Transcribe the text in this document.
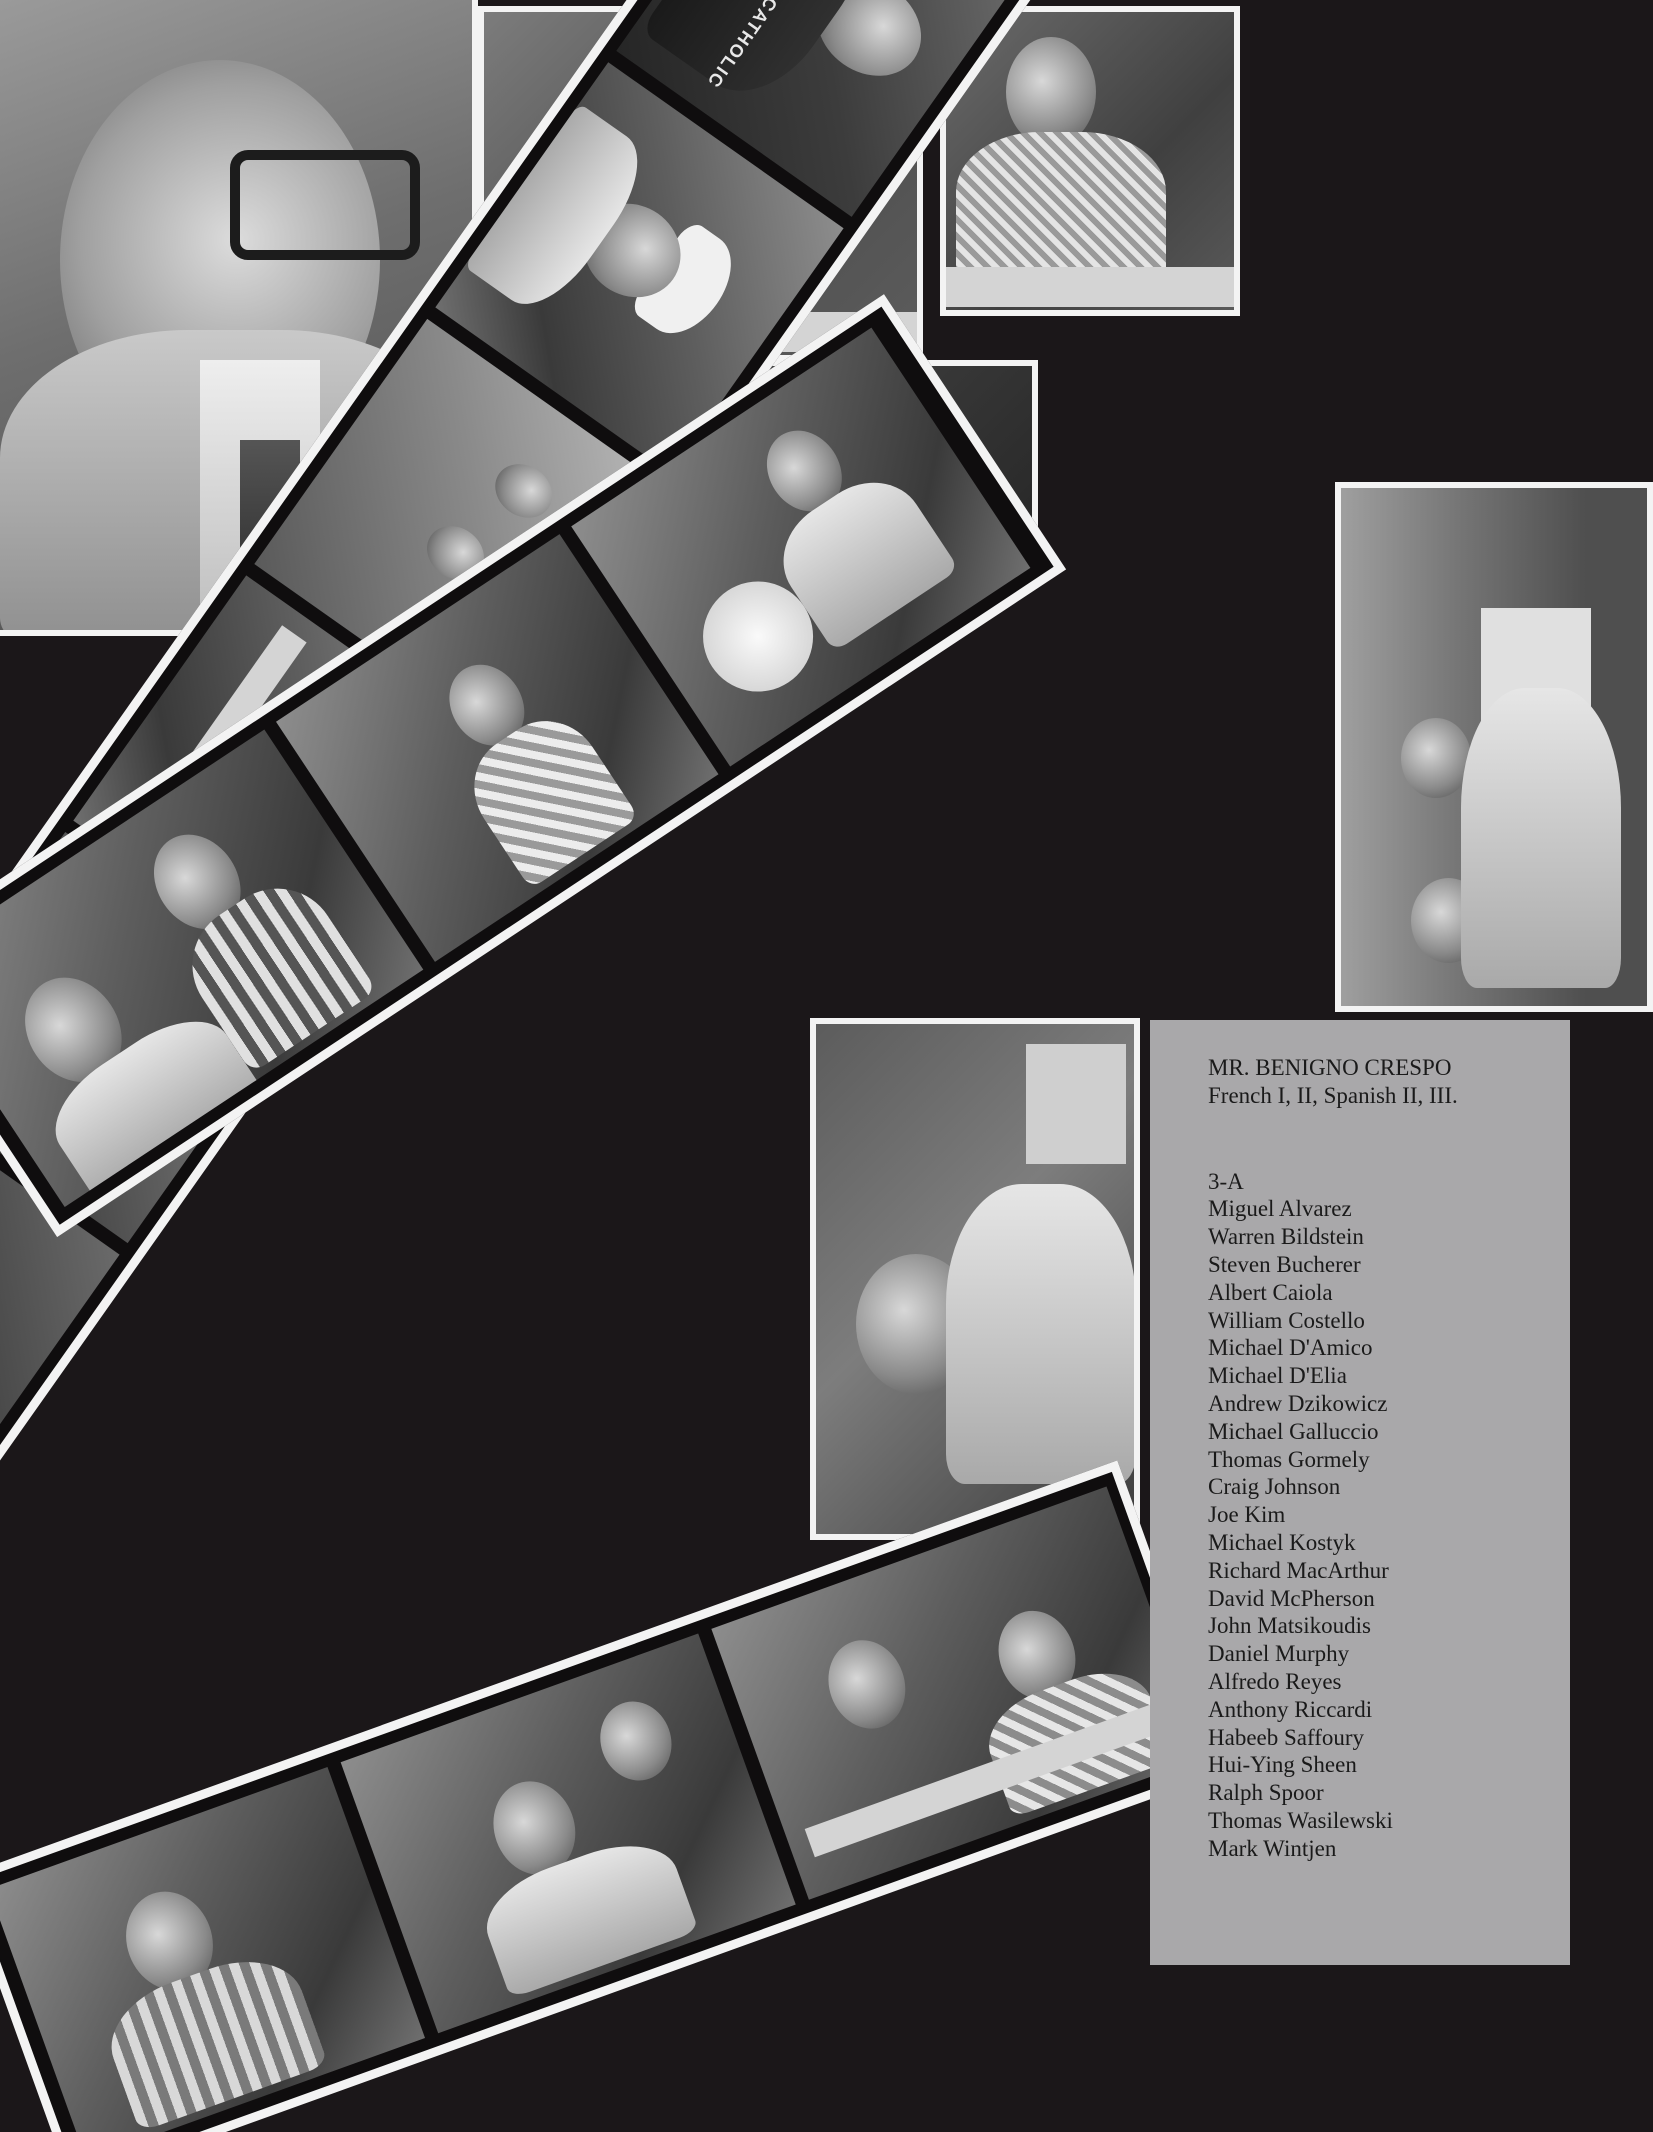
MR. BENIGNO CRESPO

French I, II, Spanish II, III.

3-A

Miguel Alvarez
Warren Bildstein
Steven Bucherer
Albert Caiola
William Costello
Michael D'Amico
Michael D'Elia
Andrew Dzikowicz
Michael Galluccio
Thomas Gormely
Craig Johnson
Joe Kim
Michael Kostyk
Richard MacArthur
David McPherson
John Matsikoudis
Daniel Murphy
Alfredo Reyes
Anthony Riccardi
Habeeb Saffoury
Hui-Ying Sheen
Ralph Spoor
Thomas Wasilewski
Mark Wintjen
